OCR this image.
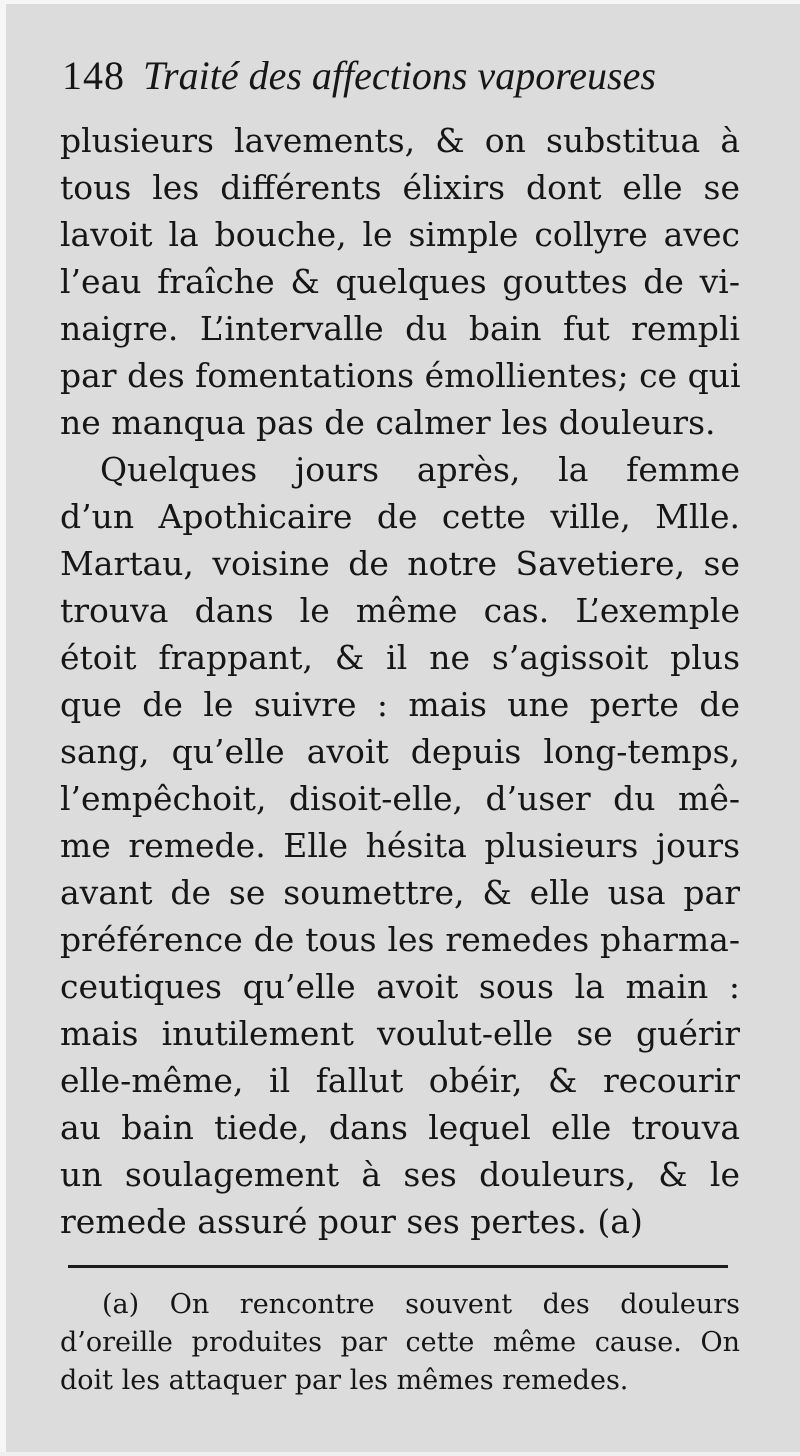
148 Traité des affections vaporeuses
plusieurs lavements, & on substitua à
tous les différents élixirs dont elle se
lavoit la bouche, le simple collyre avec
l’eau fraîche & quelques gouttes de vi-
naigre. L’intervalle du bain fut rempli
par des fomentations émollientes; ce qui
ne manqua pas de calmer les douleurs.
Quelques jours après, la femme
d’un Apothicaire de cette ville, Mlle.
Martau, voisine de notre Savetiere, se
trouva dans le même cas. L’exemple
étoit frappant, & il ne s’agissoit plus
que de le suivre : mais une perte de
sang, qu’elle avoit depuis long-temps,
l’empêchoit, disoit-elle, d’user du mê-
me remede. Elle hésita plusieurs jours
avant de se soumettre, & elle usa par
préférence de tous les remedes pharma-
ceutiques qu’elle avoit sous la main :
mais inutilement voulut-elle se guérir
elle-même, il fallut obéir, & recourir
au bain tiede, dans lequel elle trouva
un soulagement à ses douleurs, & le
remede assuré pour ses pertes. (a)
(a) On rencontre souvent des douleurs
d’oreille produites par cette même cause. On
doit les attaquer par les mêmes remedes.
